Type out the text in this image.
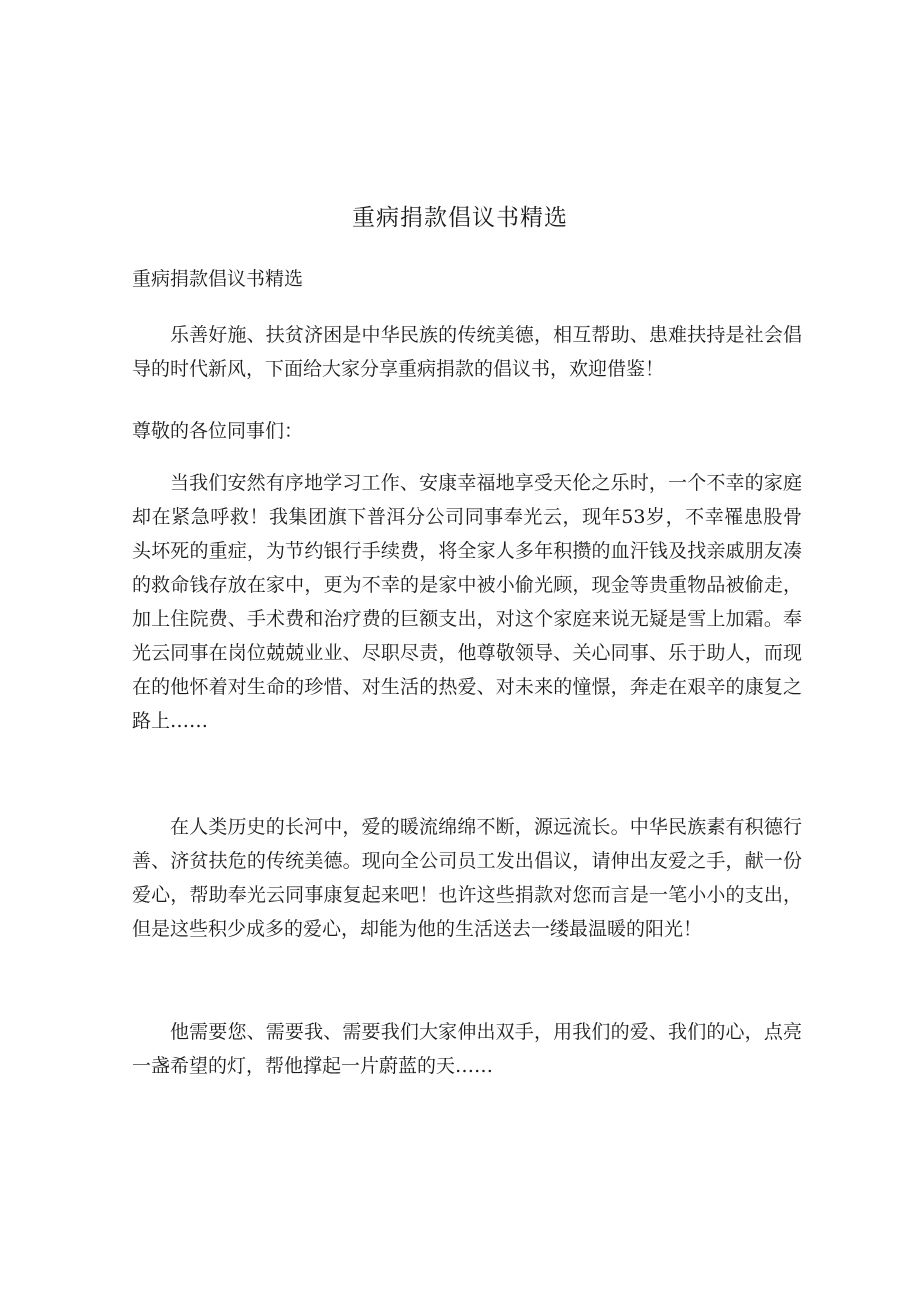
重病捐款倡议书精选

重病捐款倡议书精选

乐善好施、扶贫济困是中华民族的传统美德，相互帮助、患难扶持是社会倡导的时代新风，下面给大家分享重病捐款的倡议书，欢迎借鉴！

尊敬的各位同事们：

当我们安然有序地学习工作、安康幸福地享受天伦之乐时，一个不幸的家庭却在紧急呼救！我集团旗下普洱分公司同事奉光云，现年53岁，不幸罹患股骨头坏死的重症，为节约银行手续费，将全家人多年积攒的血汗钱及找亲戚朋友凑的救命钱存放在家中，更为不幸的是家中被小偷光顾，现金等贵重物品被偷走，加上住院费、手术费和治疗费的巨额支出，对这个家庭来说无疑是雪上加霜。奉光云同事在岗位兢兢业业、尽职尽责，他尊敬领导、关心同事、乐于助人，而现在的他怀着对生命的珍惜、对生活的热爱、对未来的憧憬，奔走在艰辛的康复之路上……

在人类历史的长河中，爱的暖流绵绵不断，源远流长。中华民族素有积德行善、济贫扶危的传统美德。现向全公司员工发出倡议，请伸出友爱之手，献一份爱心，帮助奉光云同事康复起来吧！也许这些捐款对您而言是一笔小小的支出，但是这些积少成多的爱心，却能为他的生活送去一缕最温暖的阳光！

他需要您、需要我、需要我们大家伸出双手，用我们的爱、我们的心，点亮一盏希望的灯，帮他撑起一片蔚蓝的天……
